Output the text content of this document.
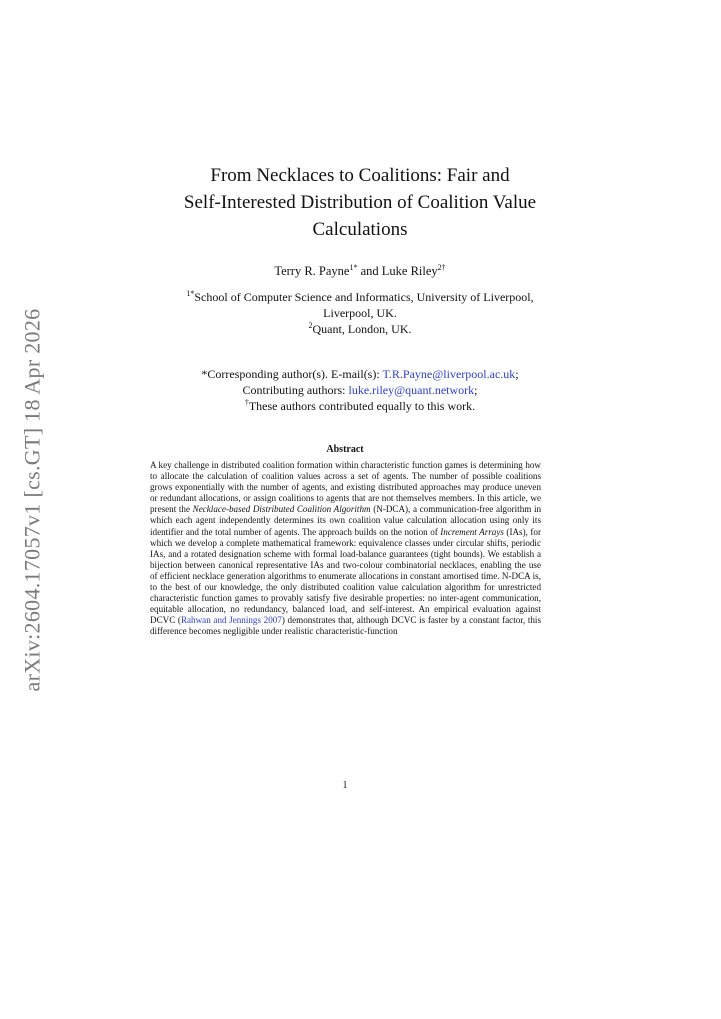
arXiv:2604.17057v1 [cs.GT] 18 Apr 2026
From Necklaces to Coalitions: Fair and
Self-Interested Distribution of Coalition Value
Calculations
Terry R. Payne$^{1*}$ and Luke Riley$^{2\dagger}$
$^{1*}$School of Computer Science and Informatics, University of Liverpool,
Liverpool, UK.
$^2$Quant, London, UK.
*Corresponding author(s). E-mail(s): T.R.Payne@liverpool.ac.uk;
Contributing authors: luke.riley@quant.network;
†These authors contributed equally to this work.
Abstract
A key challenge in distributed coalition formation within characteristic function games is determining how to allocate the calculation of coalition values across a set of agents. The number of possible coalitions grows exponentially with the number of agents, and existing distributed approaches may produce uneven or redundant allocations, or assign coalitions to agents that are not themselves members. In this article, we present the Necklace-based Distributed Coalition Algorithm (N-DCA), a communication-free algorithm in which each agent independently determines its own coalition value calculation allocation using only its identifier and the total number of agents. The approach builds on the notion of Increment Arrays (IAs), for which we develop a complete mathematical framework: equivalence classes under circular shifts, periodic IAs, and a rotated designation scheme with formal load-balance guarantees (tight bounds). We establish a bijection between canonical representative IAs and two-colour combinatorial necklaces, enabling the use of efficient necklace generation algorithms to enumerate allocations in constant amortised time. N-DCA is, to the best of our knowledge, the only distributed coalition value calculation algorithm for unrestricted characteristic function games to provably satisfy five desirable properties: no inter-agent communication, equitable allocation, no redundancy, balanced load, and self-interest. An empirical evaluation against DCVC (Rahwan and Jennings 2007) demonstrates that, although DCVC is faster by a constant factor, this difference becomes negligible under realistic characteristic-function
1
